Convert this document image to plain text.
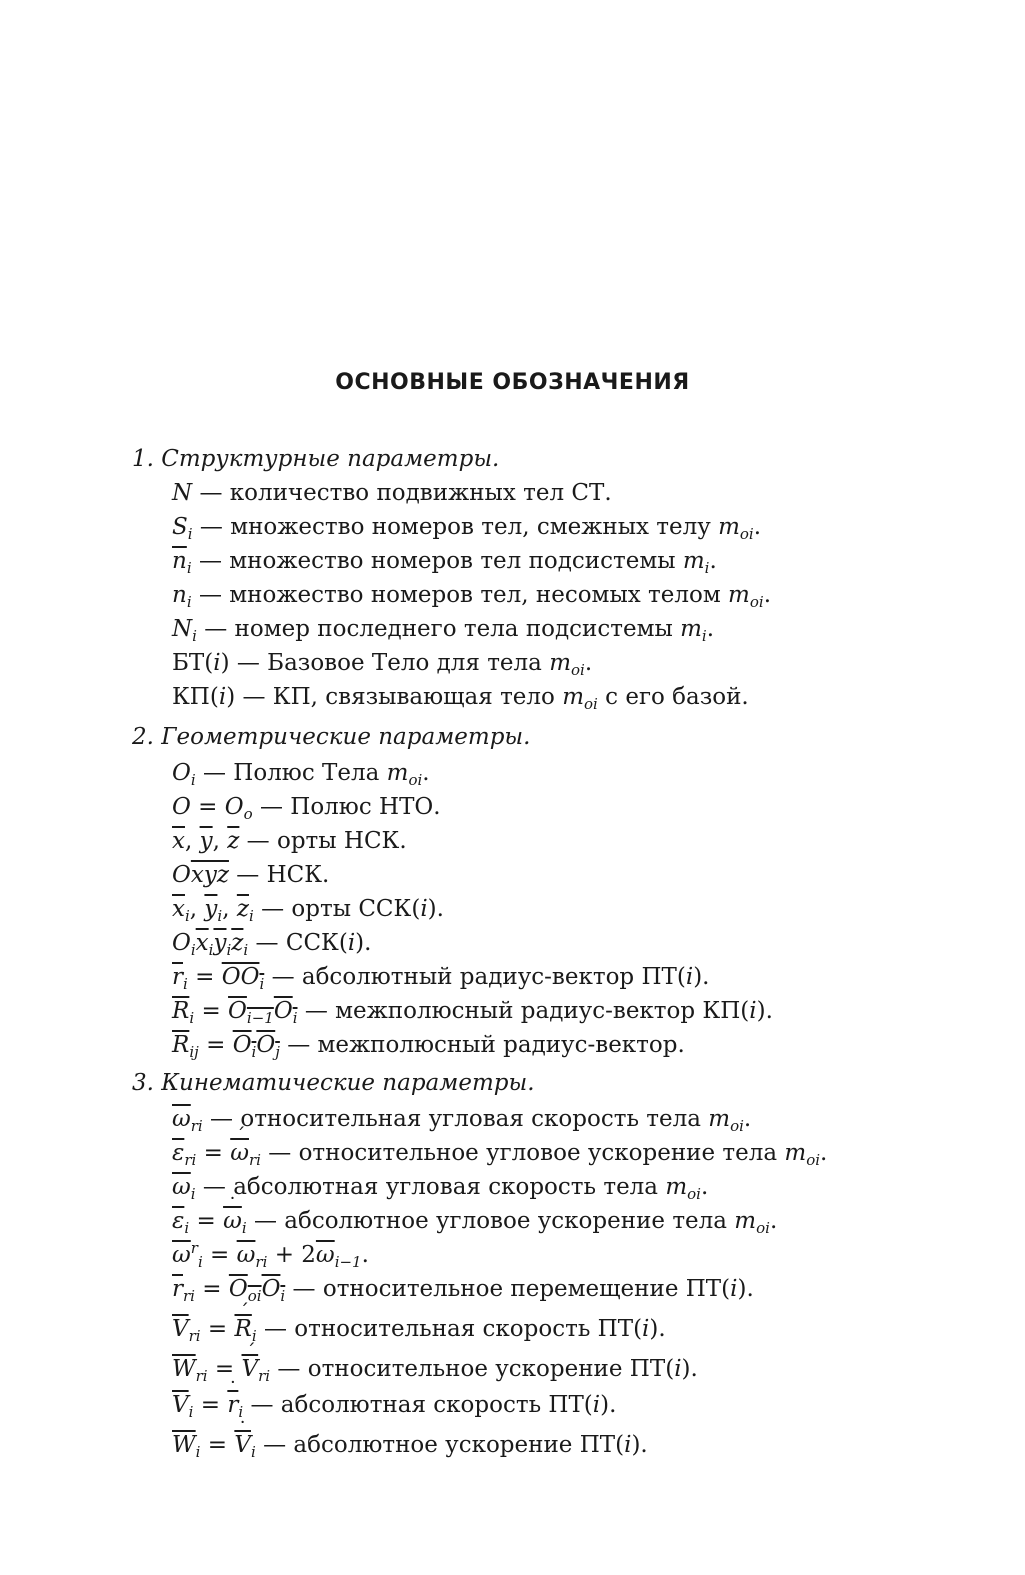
ОСНОВНЫЕ ОБОЗНАЧЕНИЯ
1. Структурные параметры.
N — количество подвижных тел СТ.
$S_i$ — множество номеров тел, смежных телу $m_{oi}$.
$\overline{n}_i$ — множество номеров тел подсистемы $m_i$.
$n_i$ — множество номеров тел, несомых телом $m_{oi}$.
$N_i$ — номер последнего тела подсистемы $m_i$.
БТ(i) — Базовое Тело для тела $m_{oi}$.
КП(i) — КП, связывающая тело $m_{oi}$ с его базой.
2. Геометрические параметры.
$O_i$ — Полюс Тела $m_{oi}$.
$O = O_o$ — Полюс НТО.
$\overline{x}$, $\overline{y}$, $\overline{z}$ — орты НСК.
$O\overline{xyz}$ — НСК.
$\overline{x}_i$, $\overline{y}_i$, $\overline{z}_i$ — орты ССК(i).
$O_i\overline{x}_i\overline{y}_i\overline{z}_i$ — ССК(i).
$\overline{r}_i = OO_i$ — абсолютный радиус-вектор ПТ(i).
$\overline{R}_i = O_{i-1}O_i$ — межполюсный радиус-вектор КП(i).
$\overline{R}_{ij} = O_iO_j$ — межполюсный радиус-вектор.
3. Кинематические параметры.
$\overline{\omega}_{ri}$ — относительная угловая скорость тела $m_{oi}$.
$\overline{\varepsilon}_{ri}$ = ´ $\overline{\omega}_{ri}$ — относительное угловое ускорение тела $m_{oi}$.
$\overline{\omega}_i$ — абсолютная угловая скорость тела $m_{oi}$.
$\overline{\varepsilon}_i$ = ˙ $\overline{\omega}_i$ — абсолютное угловое ускорение тела $m_{oi}$.
$\overline{\omega}^r_i = \overline{\omega}_{ri} + 2\overline{\omega}_{i-1}$.
$\overline{r}_{ri} = O_{oi}O_i$ — относительное перемещение ПТ(i).
$\overline{V}_{ri}$ = ´ $\overline{R}_i$ — относительная скорость ПТ(i).
$\overline{W}_{ri}$ = ´ $\overline{V}_{ri}$ — относительное ускорение ПТ(i).
$\overline{V}_i$ = ˙ $\overline{r}_i$ — абсолютная скорость ПТ(i).
$\overline{W}_i$ = ˙ $\overline{V}_i$ — абсолютное ускорение ПТ(i).
